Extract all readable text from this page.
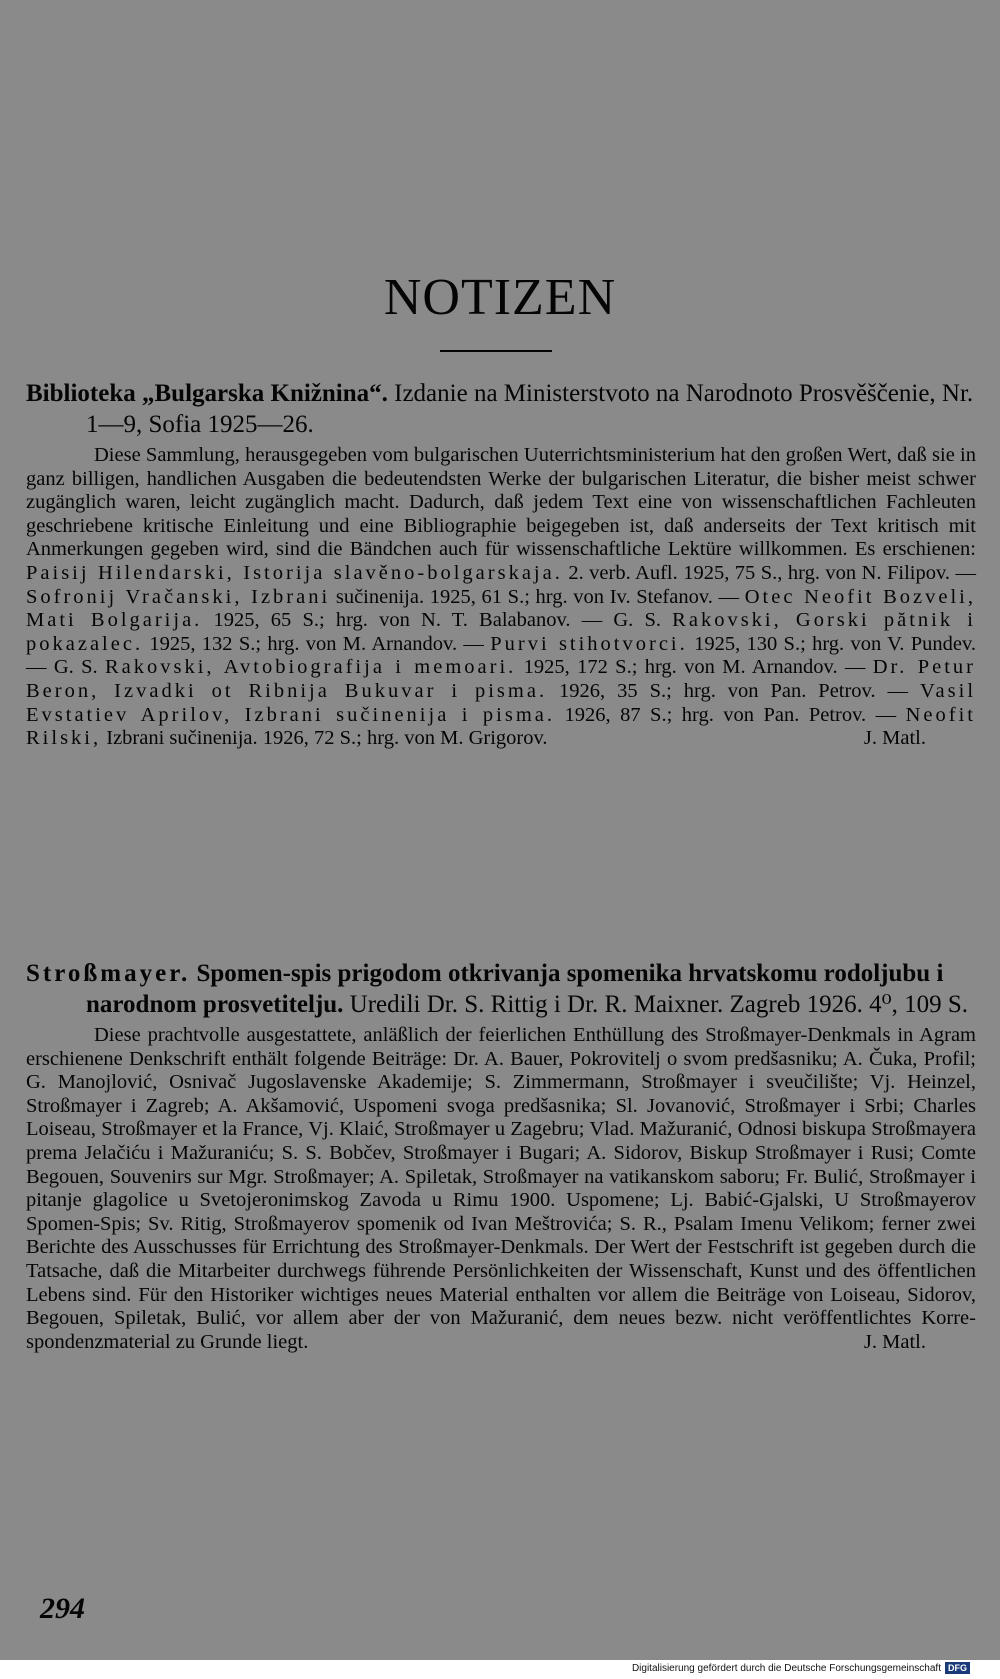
NOTIZEN

Biblioteka „Bulgarska Knižnina“. Izdanie na Ministerstvoto na Narodnoto Prosvěščenie, Nr. 1—9, Sofia 1925—26.

Diese Sammlung, herausgegeben vom bulgarischen Uuterrichtsministerium hat den großen Wert, daß sie in ganz billigen, handlichen Ausgaben die bedeutendsten Werke der bulgarischen Literatur, die bisher meist schwer zugänglich waren, leicht zugänglich macht. Dadurch, daß jedem Text eine von wissenschaftlichen Fachleuten geschriebene kritische Einleitung und eine Bibliographie beigegeben ist, daß anderseits der Text kritisch mit Anmerkungen gegeben wird, sind die Bändchen auch für wissenschaftliche Lektüre willkommen. Es erschienen: Paisij Hilendarski, Istorija slavěno-bolgarskaja. 2. verb. Aufl. 1925, 75 S., hrg. von N. Filipov. — Sofronij Vračanski, Izbrani sučinenija. 1925, 61 S.; hrg. von Iv. Stefanov. — Otec Neofit Bozveli, Mati Bolgarija. 1925, 65 S.; hrg. von N. T. Balabanov. — G. S. Rakovski, Gorski pătnik i pokazalec. 1925, 132 S.; hrg. von M. Arnandov. — Purvi stihotvorci. 1925, 130 S.; hrg. von V. Pundev. — G. S. Rakovski, Avtobiografija i memoari. 1925, 172 S.; hrg. von M. Arnandov. — Dr. Petur Beron, Izvadki ot Ribnija Bukuvar i pisma. 1926, 35 S.; hrg. von Pan. Petrov. — Vasil Evstatiev Aprilov, Izbrani sučinenija i pisma. 1926, 87 S.; hrg. von Pan. Petrov. — Neofit Rilski, Izbrani sučinenija. 1926, 72 S.; hrg. von M. Grigorov.	J. Matl.

Stroßmayer. Spomen-spis prigodom otkrivanja spomenika hrvatskomu rodoljubu i narodnom prosvetitelju. Uredili Dr. S. Rittig i Dr. R. Maixner. Zagreb 1926. 4⁰, 109 S.

Diese prachtvolle ausgestattete, anläßlich der feierlichen Enthüllung des Stroßmayer-Denkmals in Agram erschienene Denkschrift enthält folgende Beiträge: Dr. A. Bauer, Pokrovitelj o svom predšasniku; A. Čuka, Profil; G. Manojlović, Osnivač Jugoslavenske Akademije; S. Zimmermann, Stroßmayer i sveučilište; Vj. Heinzel, Stroßmayer i Zagreb; A. Akšamović, Uspomeni svoga predšasnika; Sl. Jovanović, Stroßmayer i Srbi; Charles Loiseau, Stroßmayer et la France, Vj. Klaić, Stroßmayer u Zagebru; Vlad. Mažuranić, Odnosi biskupa Stroßmayera prema Jelačiću i Mažuraniću; S. S. Bobčev, Stroßmayer i Bugari; A. Sidorov, Biskup Stroßmayer i Rusi; Comte Begouen, Souvenirs sur Mgr. Stroßmayer; A. Spiletak, Stroßmayer na vatikanskom saboru; Fr. Bulić, Stroßmayer i pitanje glagolice u Svetojeronimskog Zavoda u Rimu 1900. Uspomene; Lj. Babić-Gjalski, U Stroßmayerov Spomen-Spis; Sv. Ritig, Stroßmayerov spomenik od Ivan Meštrovića; S. R., Psalam Imenu Velikom; ferner zwei Berichte des Ausschusses für Errichtung des Stroßmayer-Denkmals. Der Wert der Festschrift ist gegeben durch die Tatsache, daß die Mitarbeiter durchwegs führende Persönlichkeiten der Wissenschaft, Kunst und des öffentlichen Lebens sind. Für den Historiker wichtiges neues Material enthalten vor allem die Beiträge von Loiseau, Sidorov, Begouen, Spiletak, Bulić, vor allem aber der von Mažuranić, dem neues bezw. nicht veröffentlichtes Korrespondenzmaterial zu Grunde liegt.	J. Matl.

294

Digitalisierung gefördert durch die Deutsche Forschungsgemeinschaft DFG
